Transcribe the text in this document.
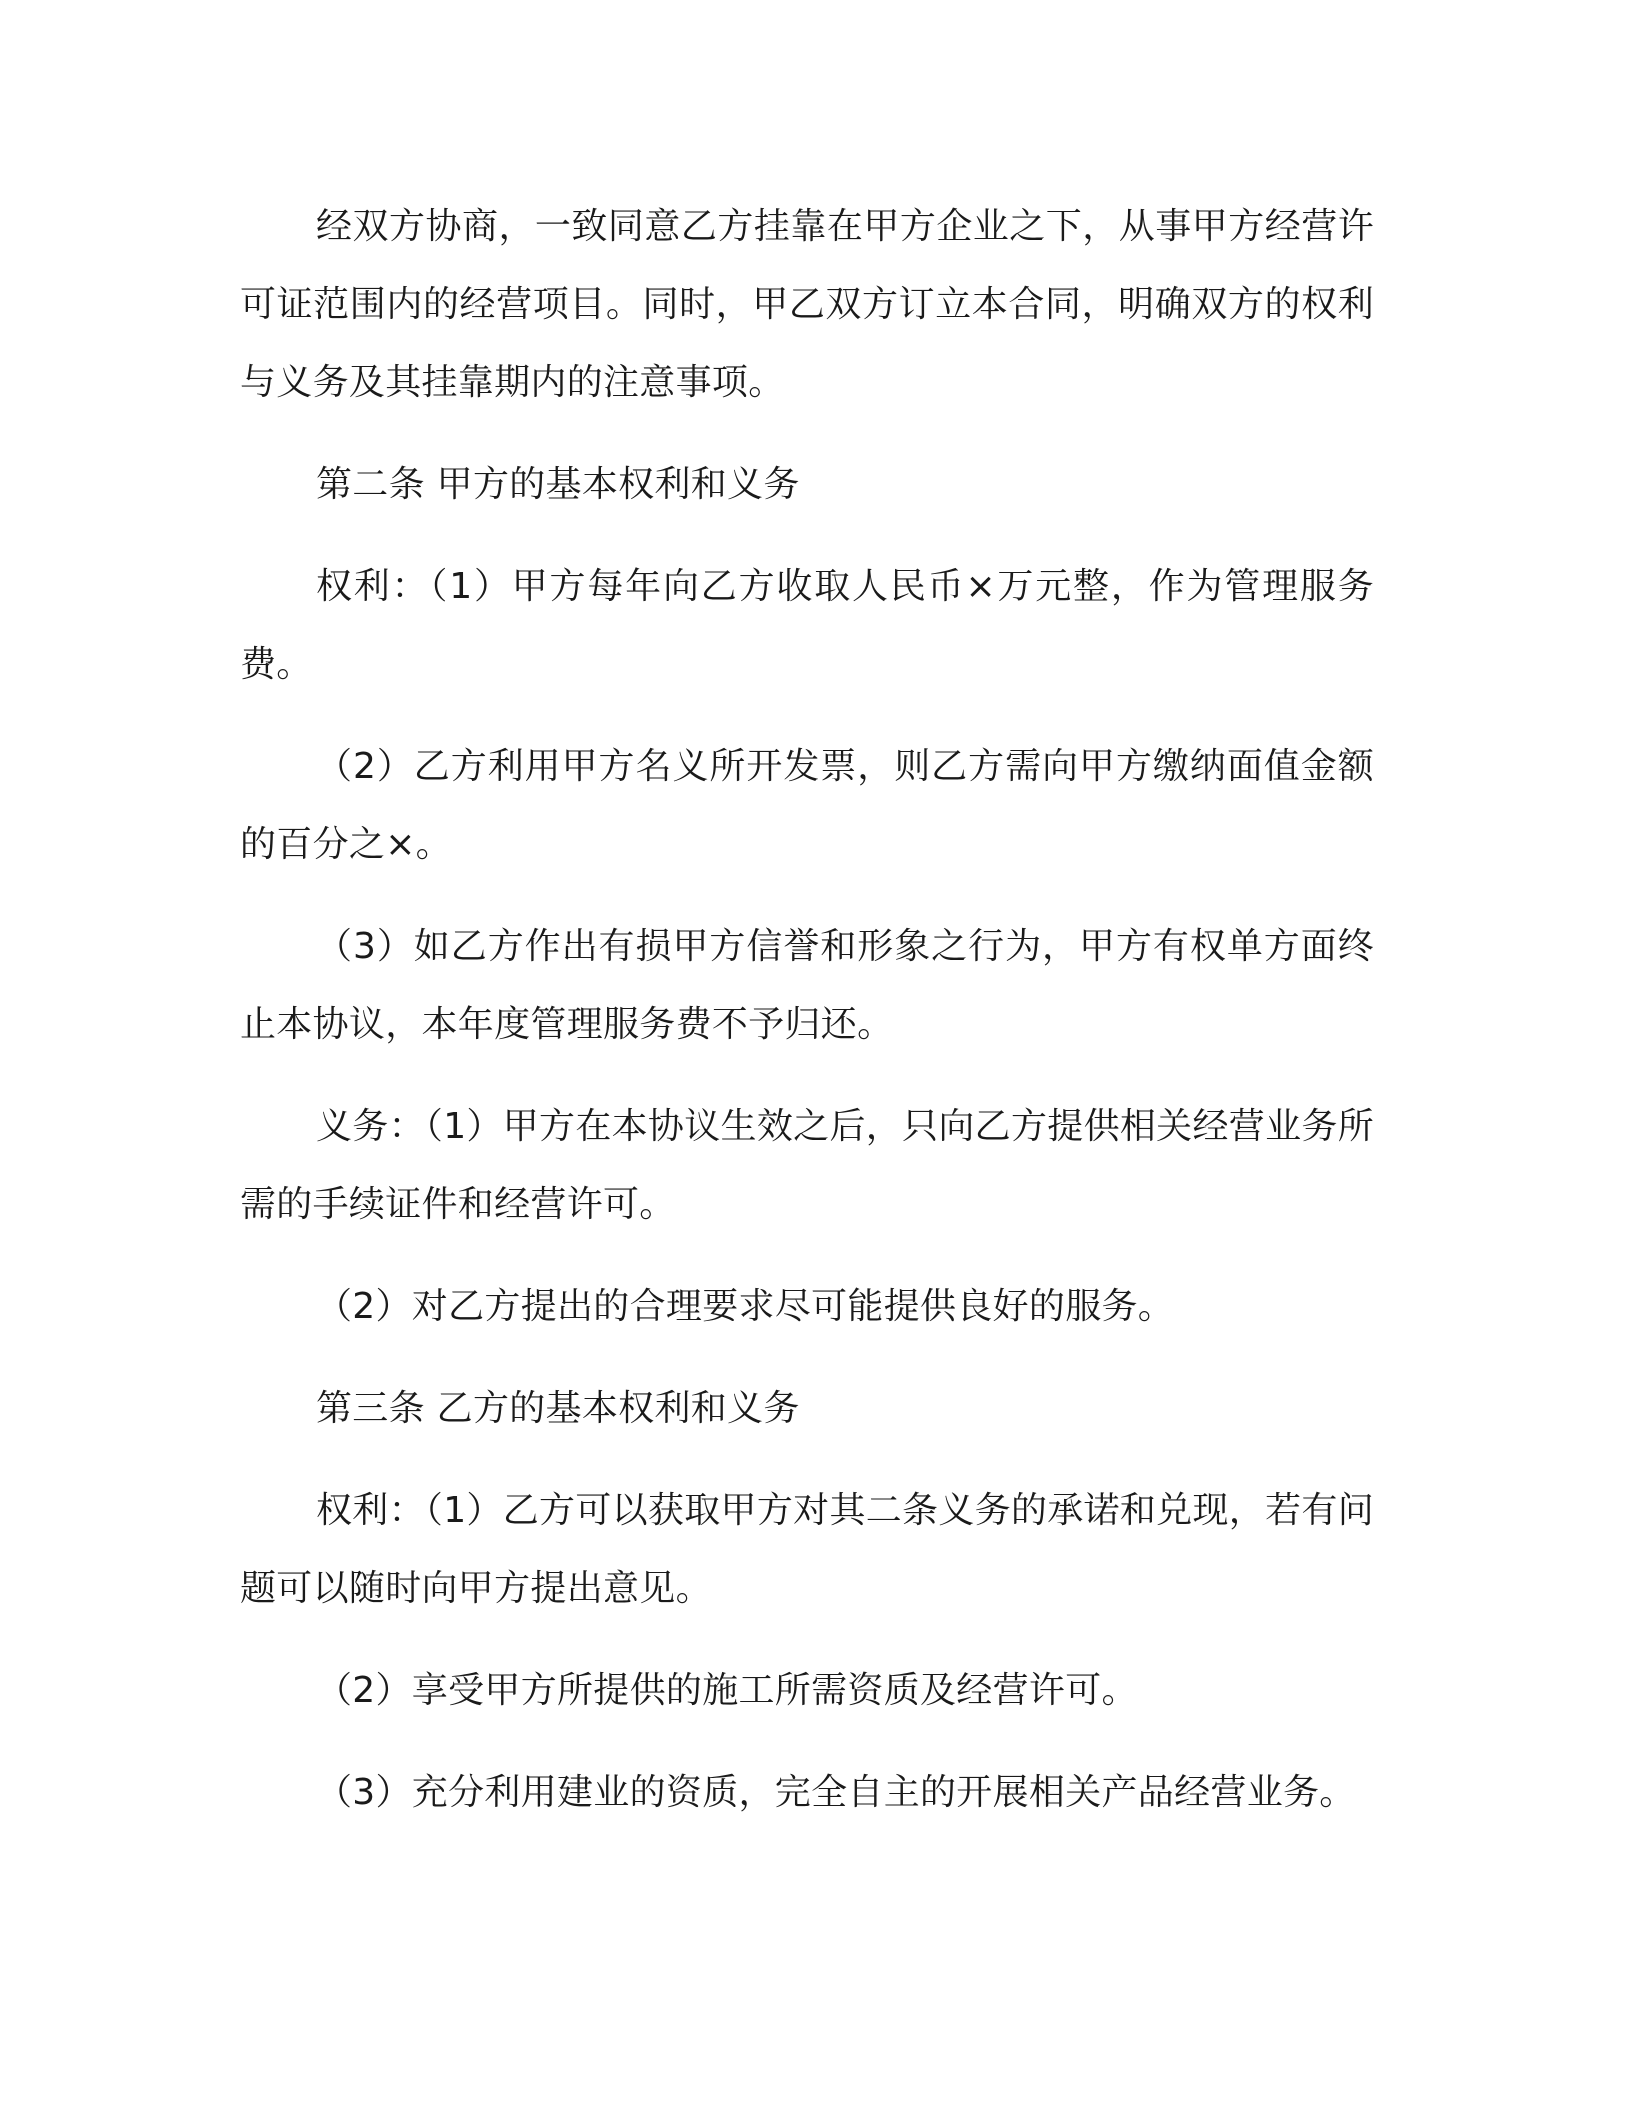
经双方协商，一致同意乙方挂靠在甲方企业之下，从事甲方经营许可证范围内的经营项目。同时，甲乙双方订立本合同，明确双方的权利与义务及其挂靠期内的注意事项。

第二条 甲方的基本权利和义务

权利：（1）甲方每年向乙方收取人民币×万元整，作为管理服务费。

（2）乙方利用甲方名义所开发票，则乙方需向甲方缴纳面值金额的百分之×。

（3）如乙方作出有损甲方信誉和形象之行为，甲方有权单方面终止本协议，本年度管理服务费不予归还。

义务：（1）甲方在本协议生效之后，只向乙方提供相关经营业务所需的手续证件和经营许可。

（2）对乙方提出的合理要求尽可能提供良好的服务。

第三条 乙方的基本权利和义务

权利：（1）乙方可以获取甲方对其二条义务的承诺和兑现，若有问题可以随时向甲方提出意见。

（2）享受甲方所提供的施工所需资质及经营许可。

（3）充分利用建业的资质，完全自主的开展相关产品经营业务。
